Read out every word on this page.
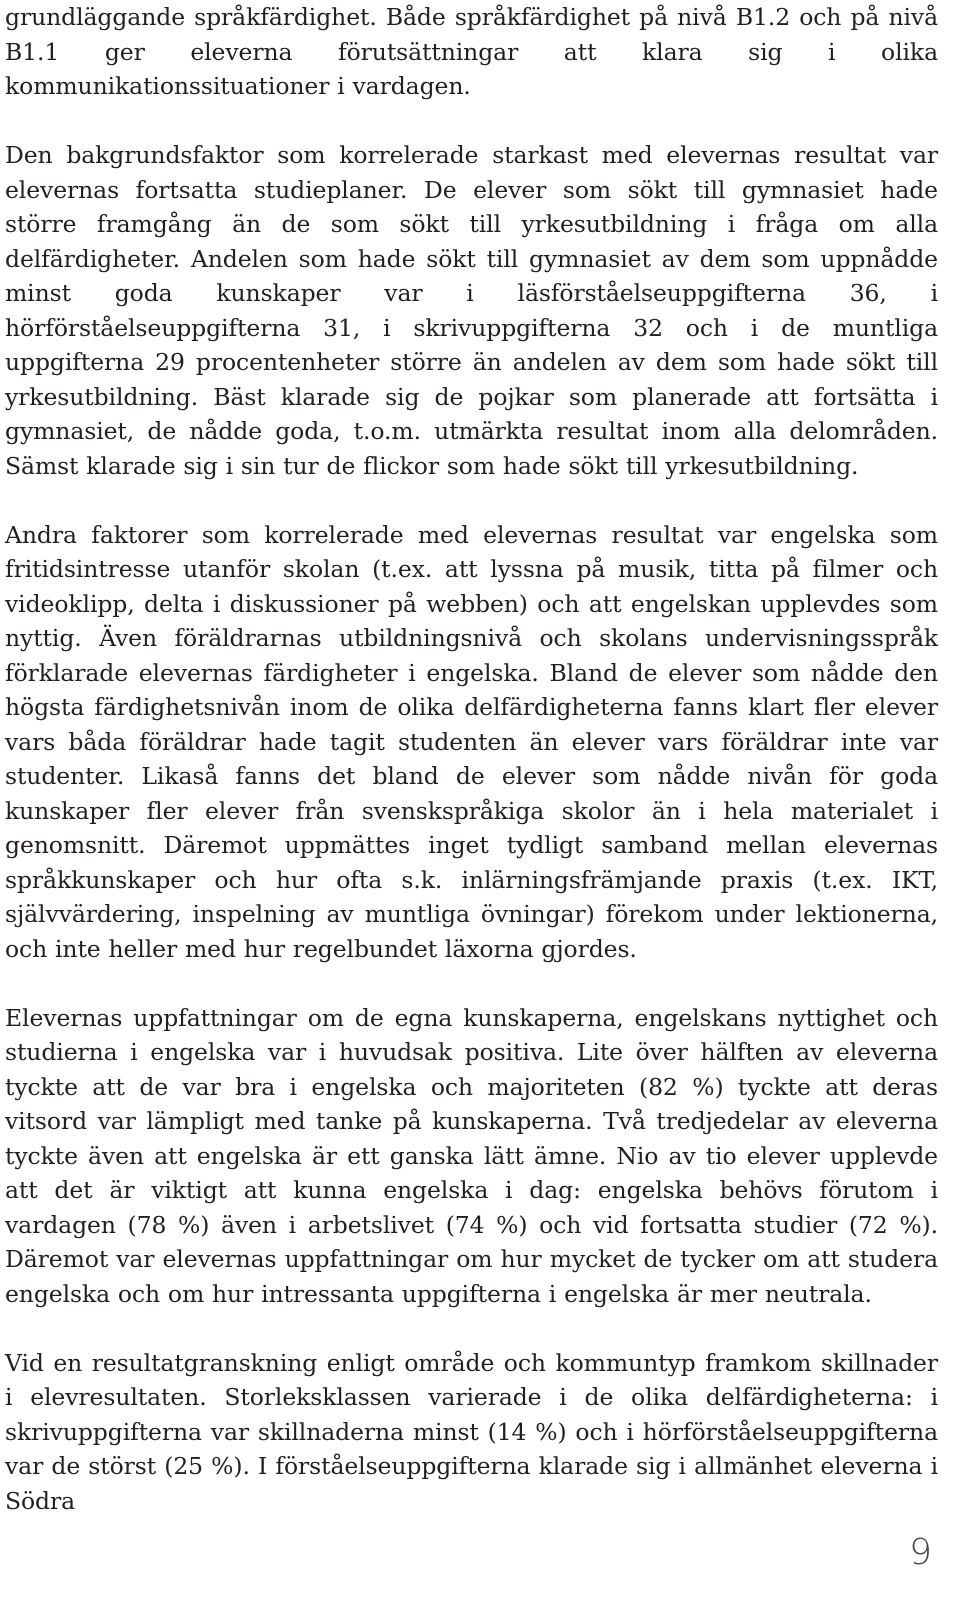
grundläggande språkfärdighet. Både språkfärdighet på nivå B1.2 och på nivå B1.1 ger eleverna förutsättningar att klara sig i olika kommunikationssituationer i vardagen.

Den bakgrundsfaktor som korrelerade starkast med elevernas resultat var elevernas fortsatta studieplaner. De elever som sökt till gymnasiet hade större framgång än de som sökt till yrkesutbildning i fråga om alla delfärdigheter. Andelen som hade sökt till gymnasiet av dem som uppnådde minst goda kunskaper var i läsförståelseuppgifterna 36, i hörförståelseuppgifterna 31, i skrivuppgifterna 32 och i de muntliga uppgifterna 29 procentenheter större än andelen av dem som hade sökt till yrkesutbildning. Bäst klarade sig de pojkar som planerade att fortsätta i gymnasiet, de nådde goda, t.o.m. utmärkta resultat inom alla delområden. Sämst klarade sig i sin tur de flickor som hade sökt till yrkesutbildning.

Andra faktorer som korrelerade med elevernas resultat var engelska som fritidsintresse utanför skolan (t.ex. att lyssna på musik, titta på filmer och videoklipp, delta i diskussioner på webben) och att engelskan upplevdes som nyttig. Även föräldrarnas utbildningsnivå och skolans undervisningsspråk förklarade elevernas färdigheter i engelska. Bland de elever som nådde den högsta färdighetsnivån inom de olika delfärdigheterna fanns klart fler elever vars båda föräldrar hade tagit studenten än elever vars föräldrar inte var studenter. Likaså fanns det bland de elever som nådde nivån för goda kunskaper fler elever från svenskspråkiga skolor än i hela materialet i genomsnitt. Däremot uppmättes inget tydligt samband mellan elevernas språkkunskaper och hur ofta s.k. inlärningsfrämjande praxis (t.ex. IKT, självvärdering, inspelning av muntliga övningar) förekom under lektionerna, och inte heller med hur regelbundet läxorna gjordes.

Elevernas uppfattningar om de egna kunskaperna, engelskans nyttighet och studierna i engelska var i huvudsak positiva. Lite över hälften av eleverna tyckte att de var bra i engelska och majoriteten (82 %) tyckte att deras vitsord var lämpligt med tanke på kunskaperna. Två tredjedelar av eleverna tyckte även att engelska är ett ganska lätt ämne. Nio av tio elever upplevde att det är viktigt att kunna engelska i dag: engelska behövs förutom i vardagen (78 %) även i arbetslivet (74 %) och vid fortsatta studier (72 %). Däremot var elevernas uppfattningar om hur mycket de tycker om att studera engelska och om hur intressanta uppgifterna i engelska är mer neutrala.

Vid en resultatgranskning enligt område och kommuntyp framkom skillnader i elevresultaten. Storleksklassen varierade i de olika delfärdigheterna: i skrivuppgifterna var skillnaderna minst (14 %) och i hörförståelseuppgifterna var de störst (25 %). I förståelseuppgifterna klarade sig i allmänhet eleverna i Södra

9
